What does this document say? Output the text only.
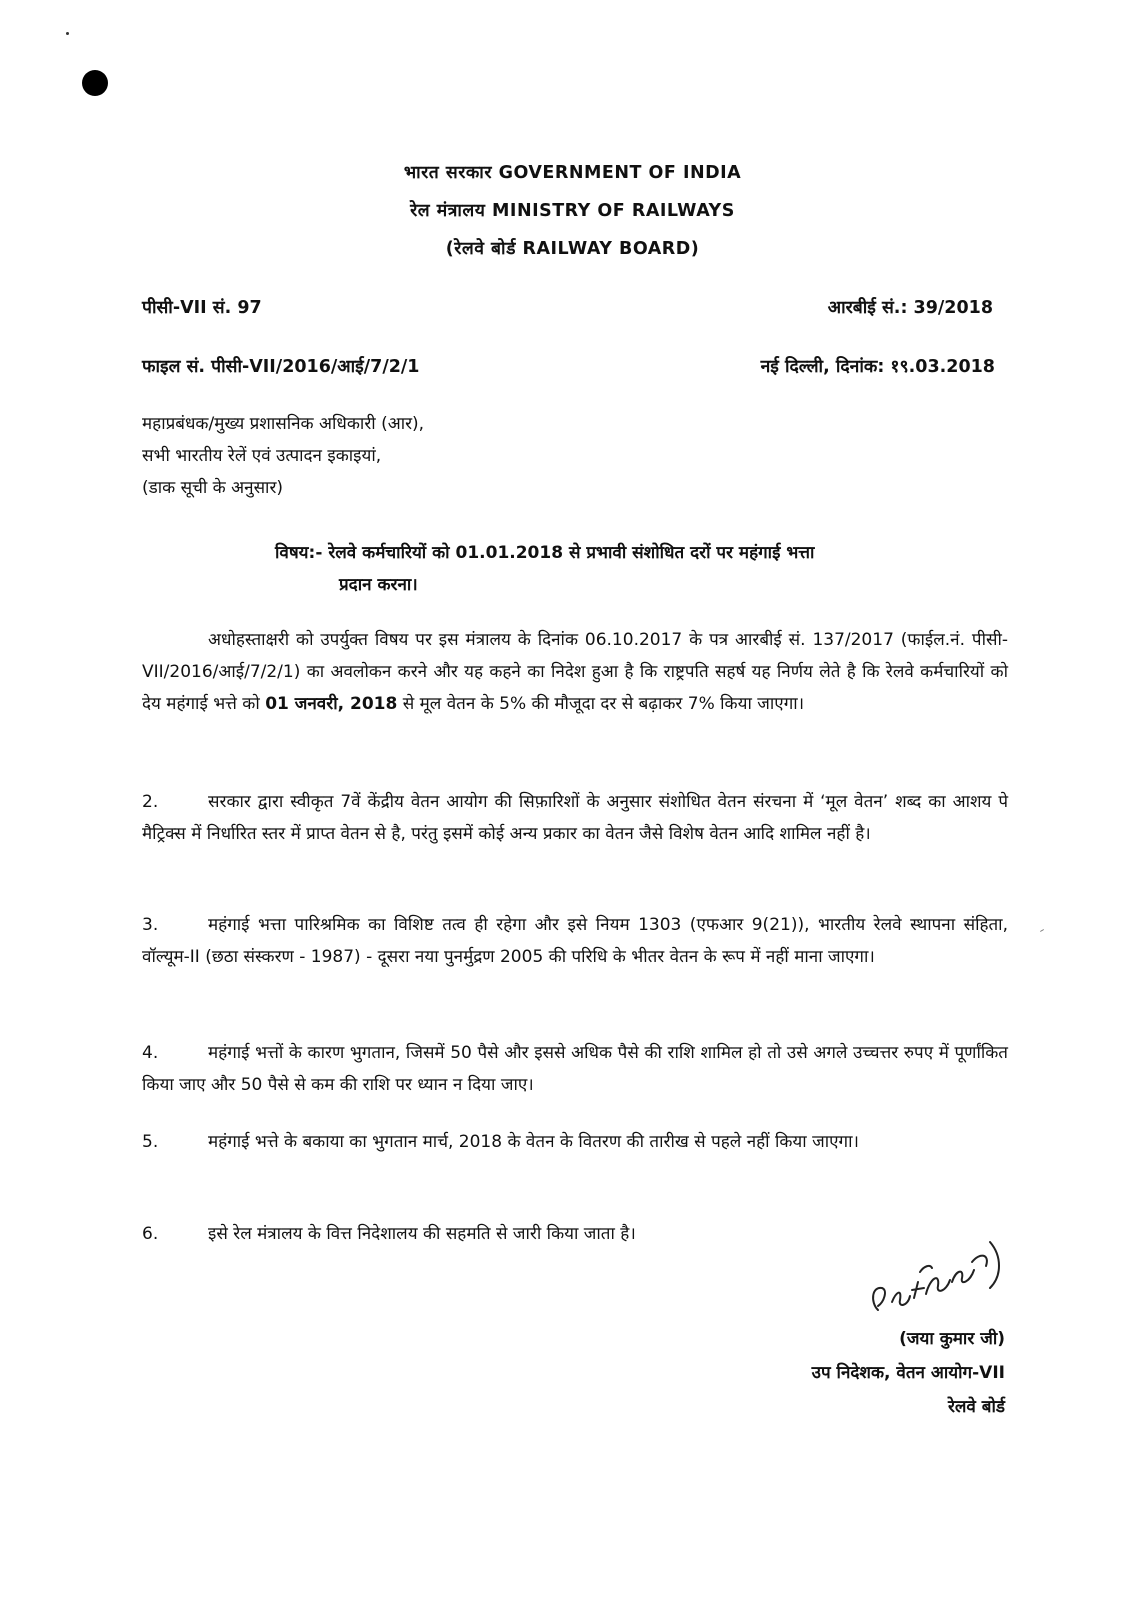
भारत सरकार GOVERNMENT OF INDIA
रेल मंत्रालय MINISTRY OF RAILWAYS
(रेलवे बोर्ड RAILWAY BOARD)
पीसी-VII सं. 97	आरबीई सं.: 39/2018
फाइल सं. पीसी-VII/2016/आई/7/2/1	नई दिल्ली, दिनांक: १९.03.2018
महाप्रबंधक/मुख्य प्रशासनिक अधिकारी (आर),
सभी भारतीय रेलें एवं उत्पादन इकाइयां,
(डाक सूची के अनुसार)
विषय:- रेलवे कर्मचारियों को 01.01.2018 से प्रभावी संशोधित दरों पर महंगाई भत्ता
प्रदान करना।
अधोहस्ताक्षरी को उपर्युक्त विषय पर इस मंत्रालय के दिनांक 06.10.2017 के पत्र आरबीई सं. 137/2017 (फाईल.नं. पीसी-VII/2016/आई/7/2/1) का अवलोकन करने और यह कहने का निदेश हुआ है कि राष्ट्रपति सहर्ष यह निर्णय लेते है कि रेलवे कर्मचारियों को देय महंगाई भत्ते को 01 जनवरी, 2018 से मूल वेतन के 5% की मौजूदा दर से बढ़ाकर 7% किया जाएगा।
2.	सरकार द्वारा स्वीकृत 7वें केंद्रीय वेतन आयोग की सिफ़ारिशों के अनुसार संशोधित वेतन संरचना में ‘मूल वेतन’ शब्द का आशय पे मैट्रिक्स में निर्धारित स्तर में प्राप्त वेतन से है, परंतु इसमें कोई अन्य प्रकार का वेतन जैसे विशेष वेतन आदि शामिल नहीं है।
3.	महंगाई भत्ता पारिश्रमिक का विशिष्ट तत्व ही रहेगा और इसे नियम 1303 (एफआर 9(21)), भारतीय रेलवे स्थापना संहिता, वॉल्यूम-II (छठा संस्करण - 1987) - दूसरा नया पुनर्मुद्रण 2005 की परिधि के भीतर वेतन के रूप में नहीं माना जाएगा।
4.	महंगाई भत्तों के कारण भुगतान, जिसमें 50 पैसे और इससे अधिक पैसे की राशि शामिल हो तो उसे अगले उच्चत्तर रुपए में पूर्णांकित किया जाए और 50 पैसे से कम की राशि पर ध्यान न दिया जाए।
5.	महंगाई भत्ते के बकाया का भुगतान मार्च, 2018 के वेतन के वितरण की तारीख से पहले नहीं किया जाएगा।
6.	इसे रेल मंत्रालय के वित्त निदेशालय की सहमति से जारी किया जाता है।
(जया कुमार जी)
उप निदेशक, वेतन आयोग-VII
रेलवे बोर्ड
